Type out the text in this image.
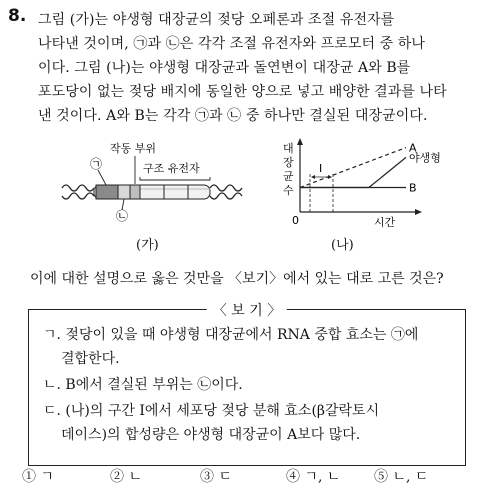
8. 그림 (가)는 야생형 대장균의 젖당 오페론과 조절 유전자를
나타낸 것이며, ㉠과 ㉡은 각각 조절 유전자와 프로모터 중 하나
이다. 그림 (나)는 야생형 대장균과 돌연변이 대장균 A와 B를
포도당이 없는 젖당 배지에 동일한 양으로 넣고 배양한 결과를 나타
낸 것이다. A와 B는 각각 ㉠과 ㉡ 중 하나만 결실된 대장균이다.
작동 부위
구조 유전자
㉠
㉡
(가)
대
장
균
수
0	시간
I
A
야생형
B
(나)
이에 대한 설명으로 옳은 것만을 〈보기〉에서 있는 대로 고른 것은?
〈 보 기 〉
ㄱ. 젖당이 있을 때 야생형 대장균에서 RNA 중합 효소는 ㉠에
결합한다.
ㄴ. B에서 결실된 부위는 ㉡이다.
ㄷ. (나)의 구간 Ⅰ에서 세포당 젖당 분해 효소(β갈락토시
데이스)의 합성량은 야생형 대장균이 A보다 많다.
① ㄱ	② ㄴ	③ ㄷ	④ ㄱ, ㄴ ⑤ ㄴ, ㄷ
